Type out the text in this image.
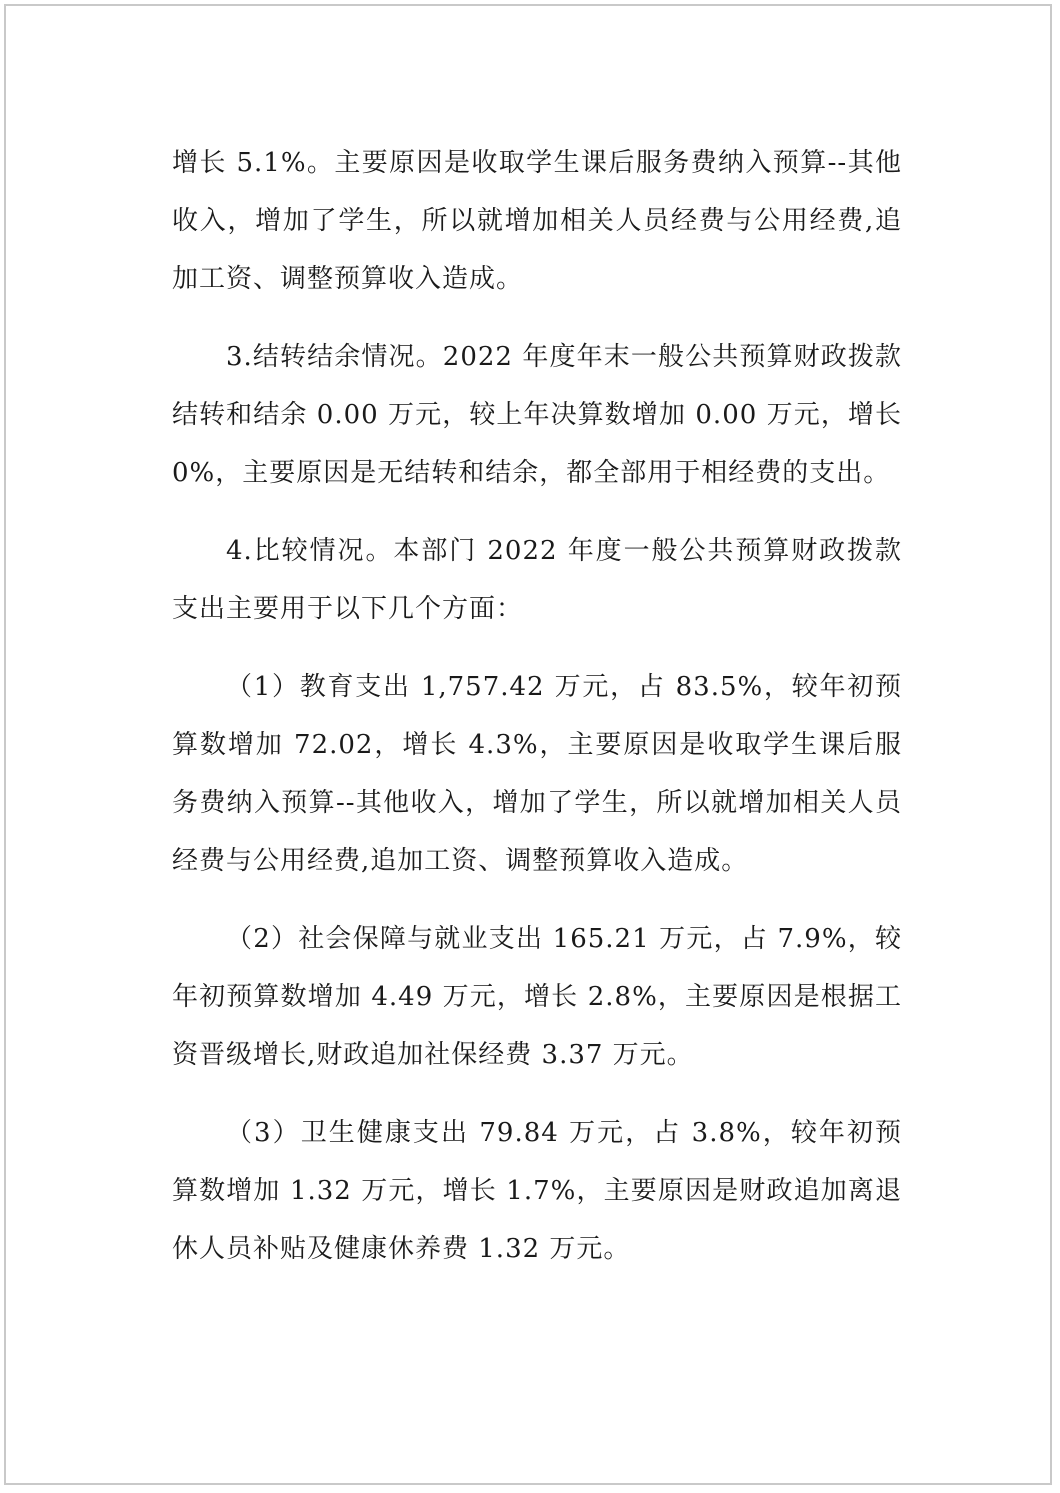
增长 5.1%。主要原因是收取学生课后服务费纳入预算--其他收入，增加了学生，所以就增加相关人员经费与公用经费,追加工资、调整预算收入造成。

3.结转结余情况。2022 年度年末一般公共预算财政拨款结转和结余 0.00 万元，较上年决算数增加 0.00 万元，增长 0%，主要原因是无结转和结余，都全部用于相经费的支出。

4.比较情况。本部门 2022 年度一般公共预算财政拨款支出主要用于以下几个方面：

（1）教育支出 1,757.42 万元，占 83.5%，较年初预算数增加 72.02，增长 4.3%，主要原因是收取学生课后服务费纳入预算--其他收入，增加了学生，所以就增加相关人员经费与公用经费,追加工资、调整预算收入造成。

（2）社会保障与就业支出 165.21 万元，占 7.9%，较年初预算数增加 4.49 万元，增长 2.8%，主要原因是根据工资晋级增长,财政追加社保经费 3.37 万元。

（3）卫生健康支出 79.84 万元，占 3.8%，较年初预算数增加 1.32 万元，增长 1.7%，主要原因是财政追加离退休人员补贴及健康休养费 1.32 万元。
